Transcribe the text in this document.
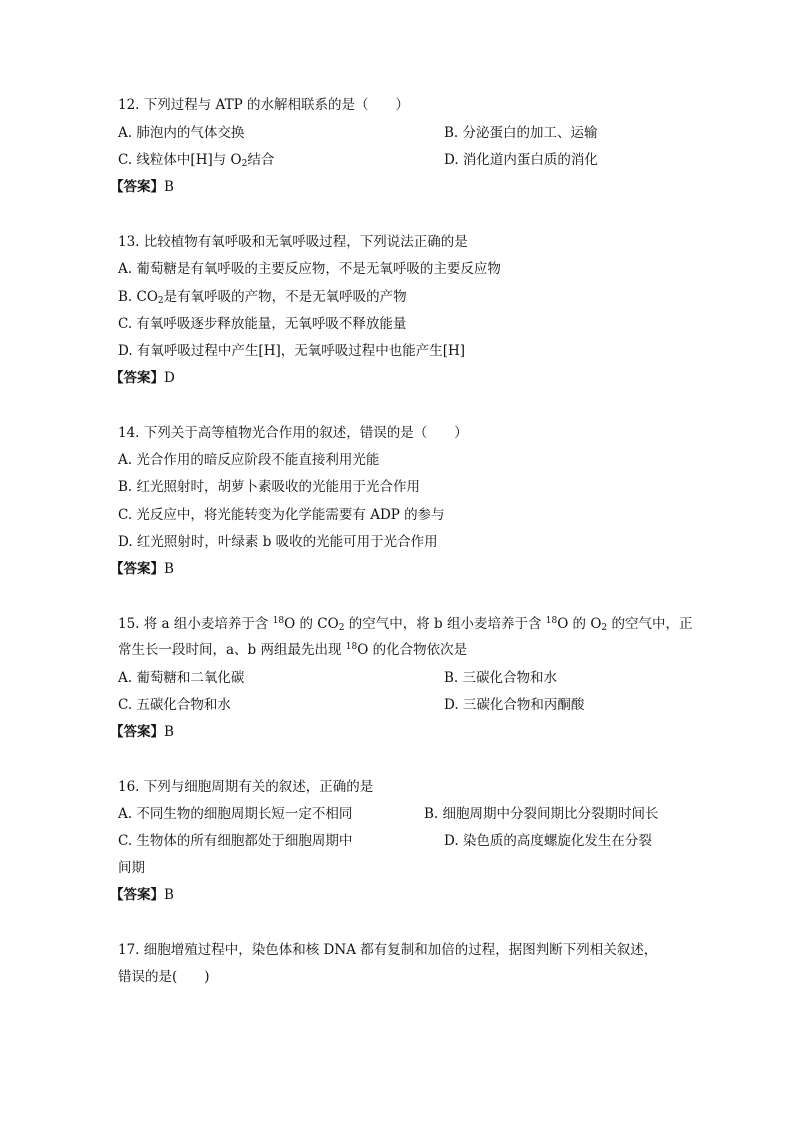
12. 下列过程与 ATP 的水解相联系的是（　　）
A. 肺泡内的气体交换	B. 分泌蛋白的加工、运输
C. 线粒体中[H]与 $O_2$结合	D. 消化道内蛋白质的消化
【答案】B
13. 比较植物有氧呼吸和无氧呼吸过程，下列说法正确的是
A. 葡萄糖是有氧呼吸的主要反应物，不是无氧呼吸的主要反应物
B. $CO_2$是有氧呼吸的产物，不是无氧呼吸的产物
C. 有氧呼吸逐步释放能量，无氧呼吸不释放能量
D. 有氧呼吸过程中产生[H]，无氧呼吸过程中也能产生[H]
【答案】D
14. 下列关于高等植物光合作用的叙述，错误的是（　　）
A. 光合作用的暗反应阶段不能直接利用光能
B. 红光照射时，胡萝卜素吸收的光能用于光合作用
C. 光反应中，将光能转变为化学能需要有 ADP 的参与
D. 红光照射时，叶绿素 b 吸收的光能可用于光合作用
【答案】B
15. 将 a 组小麦培养于含 $^{18}$O 的 $CO_2$ 的空气中，将 b 组小麦培养于含 $^{18}$O 的 $O_2$ 的空气中，正
常生长一段时间，a、b 两组最先出现 $^{18}$O 的化合物依次是
A. 葡萄糖和二氧化碳	B. 三碳化合物和水
C. 五碳化合物和水	D. 三碳化合物和丙酮酸
【答案】B
16. 下列与细胞周期有关的叙述，正确的是
A. 不同生物的细胞周期长短一定不相同	B. 细胞周期中分裂间期比分裂期时间长
C. 生物体的所有细胞都处于细胞周期中	D. 染色质的高度螺旋化发生在分裂
间期
【答案】B
17. 细胞增殖过程中，染色体和核 DNA 都有复制和加倍的过程，据图判断下列相关叙述，
错误的是(　　)
